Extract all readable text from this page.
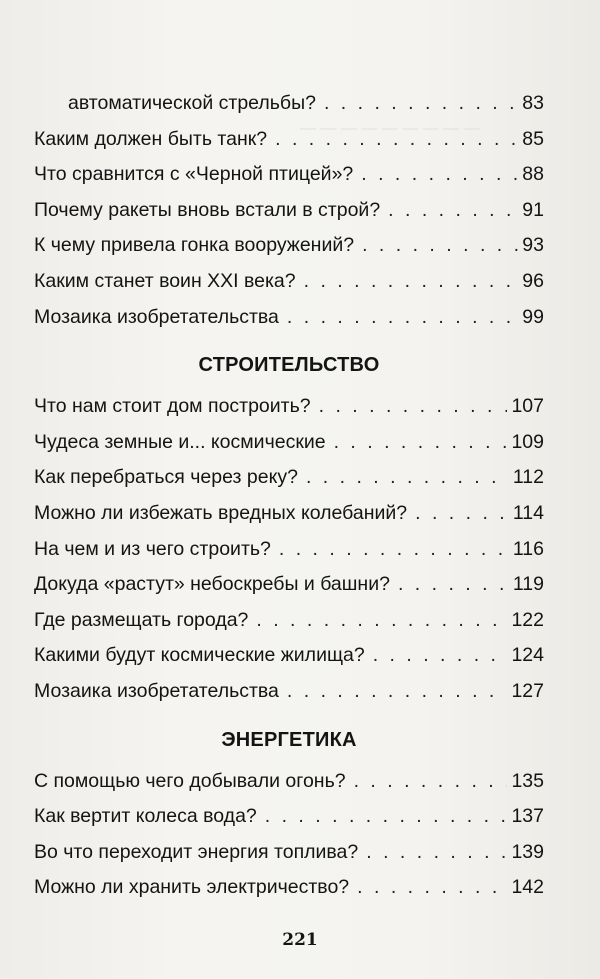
— — — — — — — — —
автоматической стрельбы? . . .	83
Каким должен быть танк? . . .	85
Что сравнится с «Черной птицей»? . . .	88
Почему ракеты вновь встали в строй? . . .	91
К чему привела гонка вооружений? . . .	93
Каким станет воин XXI века? . . .	96
Мозаика изобретательства . . .	99
СТРОИТЕЛЬСТВО
Что нам стоит дом построить? . . .	107
Чудеса земные и... космические . . .	109
Как перебраться через реку? . . .	112
Можно ли избежать вредных колебаний? . . .	114
На чем и из чего строить? . . .	116
Докуда «растут» небоскребы и башни? . . .	119
Где размещать города? . . .	122
Какими будут космические жилища? . . .	124
Мозаика изобретательства . . .	127
ЭНЕРГЕТИКА
С помощью чего добывали огонь? . . .	135
Как вертит колеса вода? . . .	137
Во что переходит энергия топлива? . . .	139
Можно ли хранить электричество? . . .	142
221
